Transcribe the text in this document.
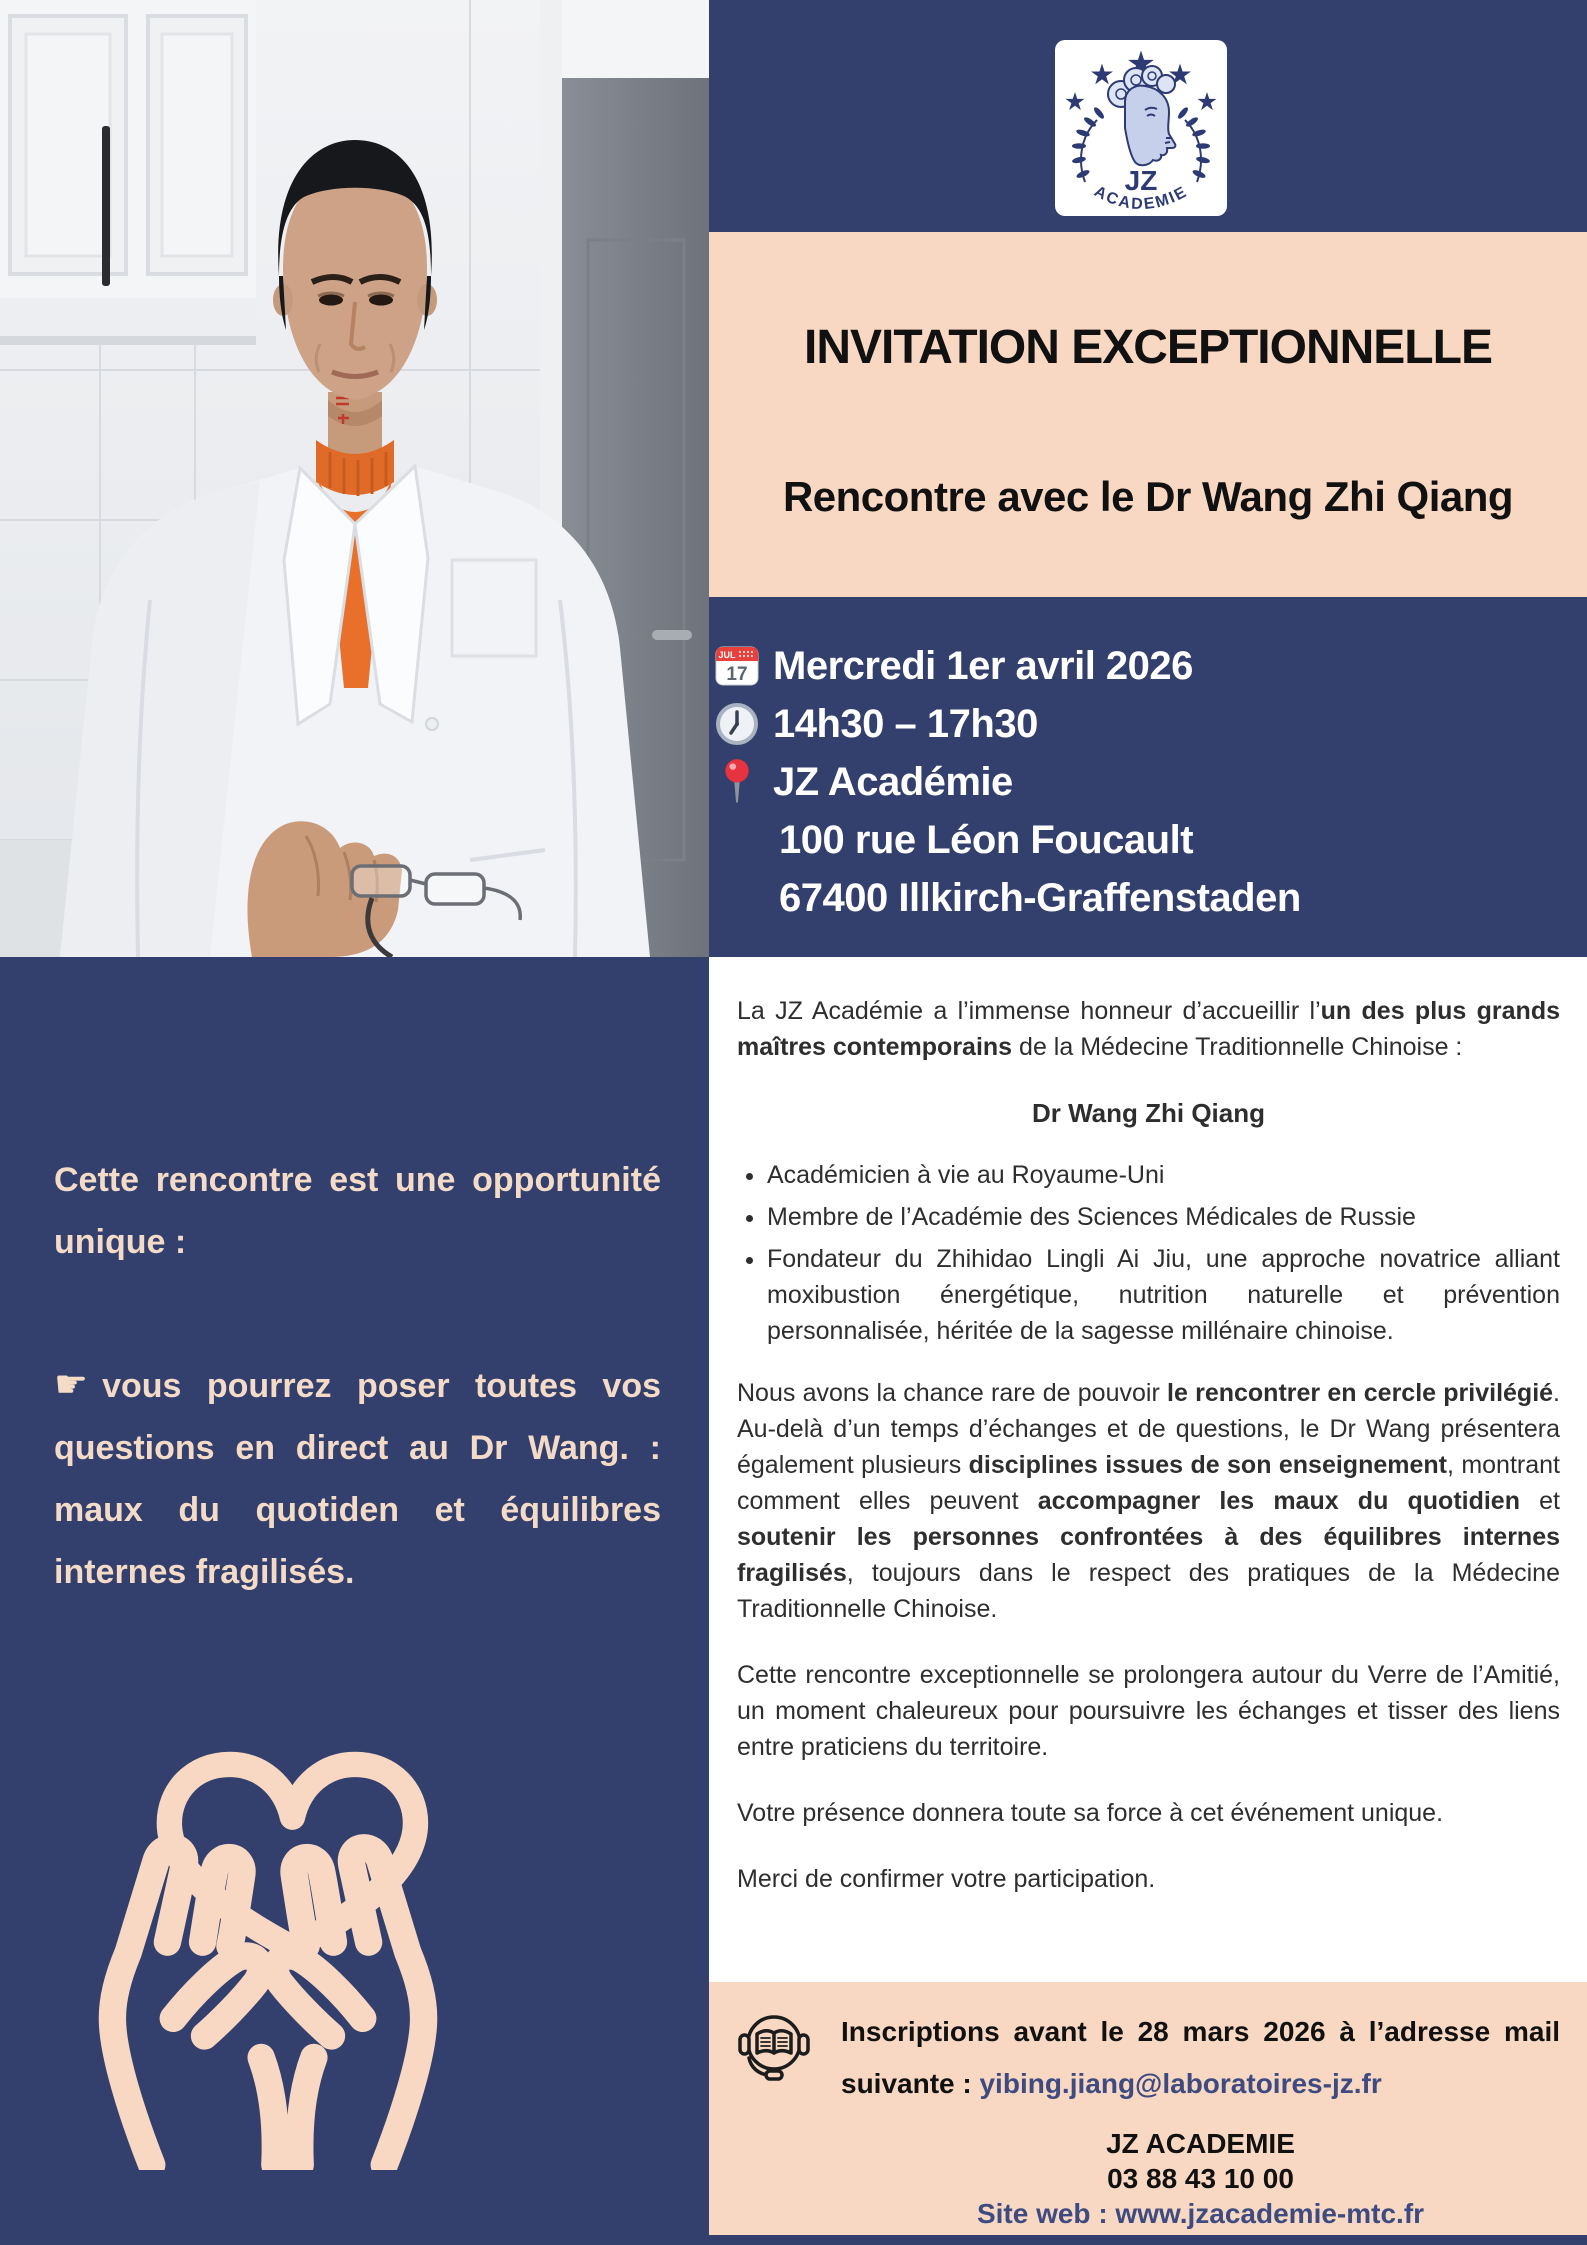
Cette rencontre est une opportunité unique :

☛ vous pourrez poser toutes vos questions en direct au Dr Wang. : maux du quotiden et équilibres internes fragilisés.

JZ
ACADEMIE
INVITATION EXCEPTIONNELLE
Rencontre avec le Dr Wang Zhi Qiang
JUL
17 Mercredi 1er avril 2026
14h30 – 17h30
JZ Académie
100 rue Léon Foucault
67400 Illkirch-Graffenstaden

La JZ Académie a l’immense honneur d’accueillir l’un des plus grands maîtres contemporains de la Médecine Traditionnelle Chinoise :

Dr Wang Zhi Qiang

• Académicien à vie au Royaume-Uni
• Membre de l’Académie des Sciences Médicales de Russie
• Fondateur du Zhihidao Lingli Ai Jiu, une approche novatrice alliant moxibustion énergétique, nutrition naturelle et prévention personnalisée, héritée de la sagesse millénaire chinoise.

Nous avons la chance rare de pouvoir le rencontrer en cercle privilégié. Au-delà d’un temps d’échanges et de questions, le Dr Wang présentera également plusieurs disciplines issues de son enseignement, montrant comment elles peuvent accompagner les maux du quotidien et soutenir les personnes confrontées à des équilibres internes fragilisés, toujours dans le respect des pratiques de la Médecine Traditionnelle Chinoise.

Cette rencontre exceptionnelle se prolongera autour du Verre de l’Amitié, un moment chaleureux pour poursuivre les échanges et tisser des liens entre praticiens du territoire.

Votre présence donnera toute sa force à cet événement unique.

Merci de confirmer votre participation.

Inscriptions avant le 28 mars 2026 à l’adresse mail suivante : yibing.jiang@laboratoires-jz.fr

JZ ACADEMIE

03 88 43 10 00

Site web : www.jzacademie-mtc.fr
